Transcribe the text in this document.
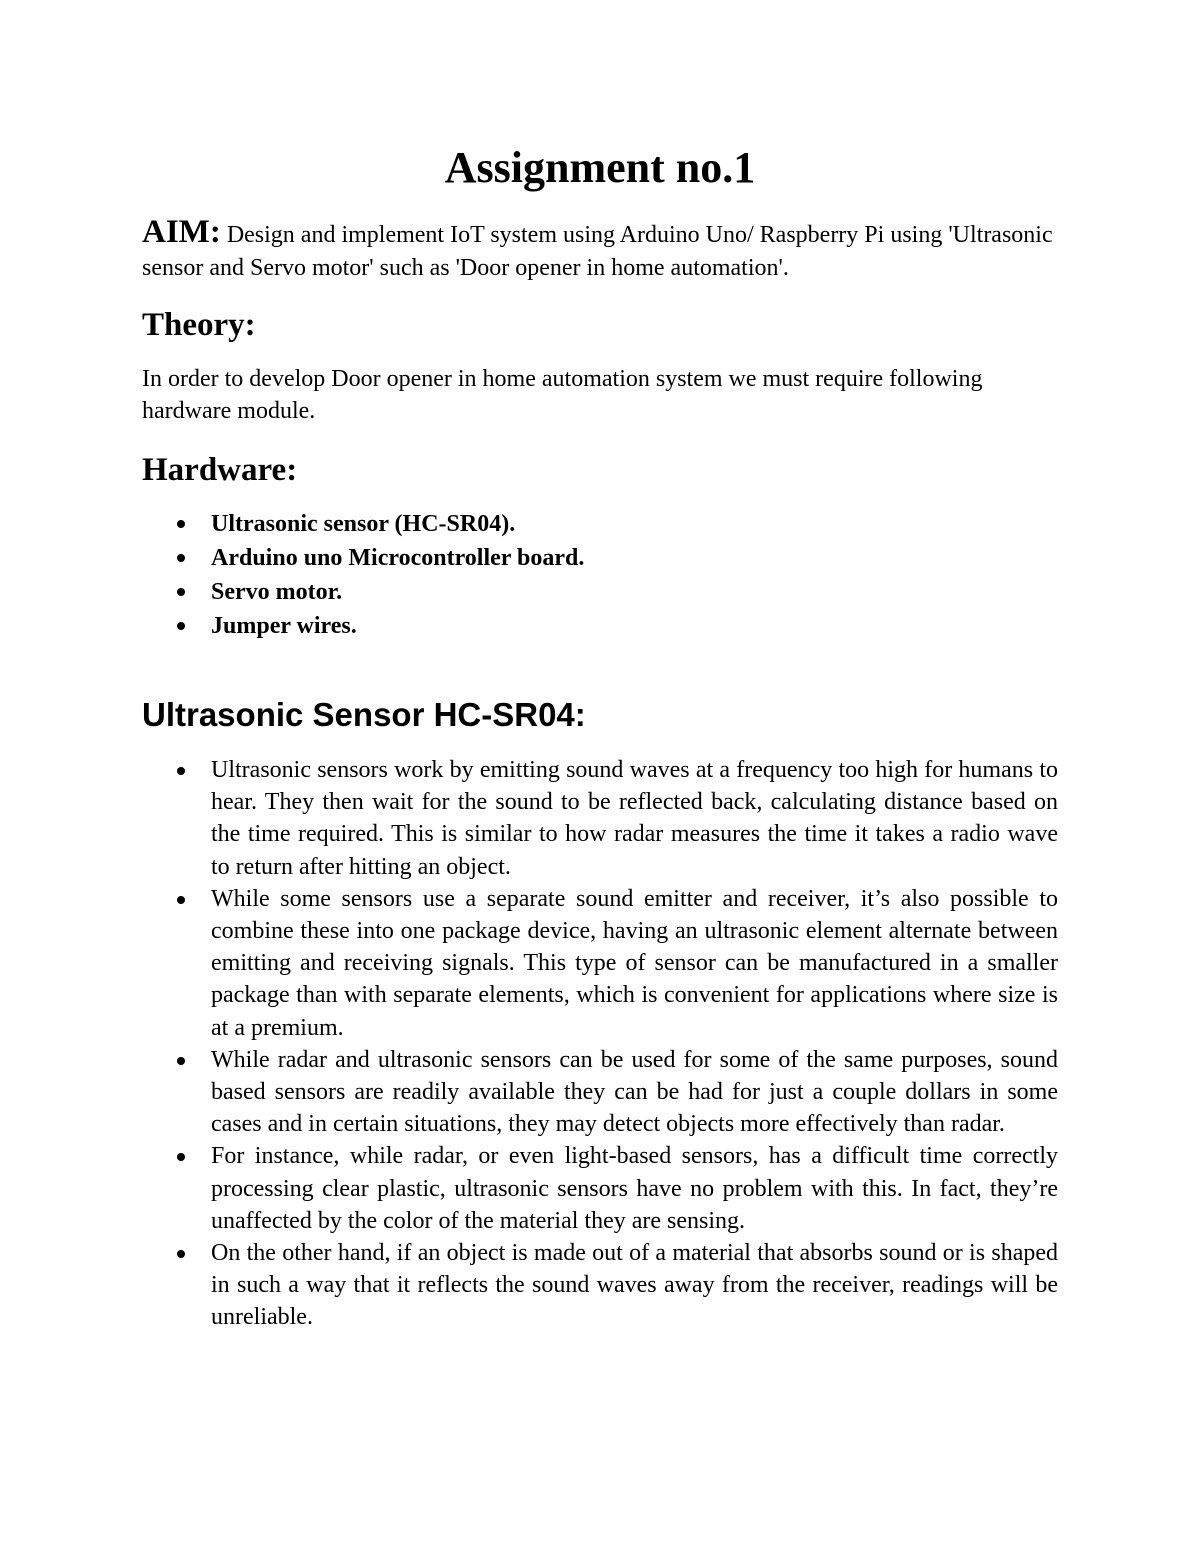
Assignment no.1

AIM: Design and implement IoT system using Arduino Uno/ Raspberry Pi using 'Ultrasonic sensor and Servo motor' such as 'Door opener in home automation'.

Theory:

In order to develop Door opener in home automation system we must require following hardware module.

Hardware:
Ultrasonic sensor (HC-SR04).
Arduino uno Microcontroller board.
Servo motor.
Jumper wires.
Ultrasonic Sensor HC-SR04:
Ultrasonic sensors work by emitting sound waves at a frequency too high for humans to hear. They then wait for the sound to be reflected back, calculating distance based on the time required. This is similar to how radar measures the time it takes a radio wave to return after hitting an object.
While some sensors use a separate sound emitter and receiver, it’s also possible to combine these into one package device, having an ultrasonic element alternate between emitting and receiving signals. This type of sensor can be manufactured in a smaller package than with separate elements, which is convenient for applications where size is at a premium.
While radar and ultrasonic sensors can be used for some of the same purposes, sound based sensors are readily available they can be had for just a couple dollars in some cases and in certain situations, they may detect objects more effectively than radar.
For instance, while radar, or even light-based sensors, has a difficult time correctly processing clear plastic, ultrasonic sensors have no problem with this. In fact, they’re unaffected by the color of the material they are sensing.
On the other hand, if an object is made out of a material that absorbs sound or is shaped in such a way that it reflects the sound waves away from the receiver, readings will be unreliable.
